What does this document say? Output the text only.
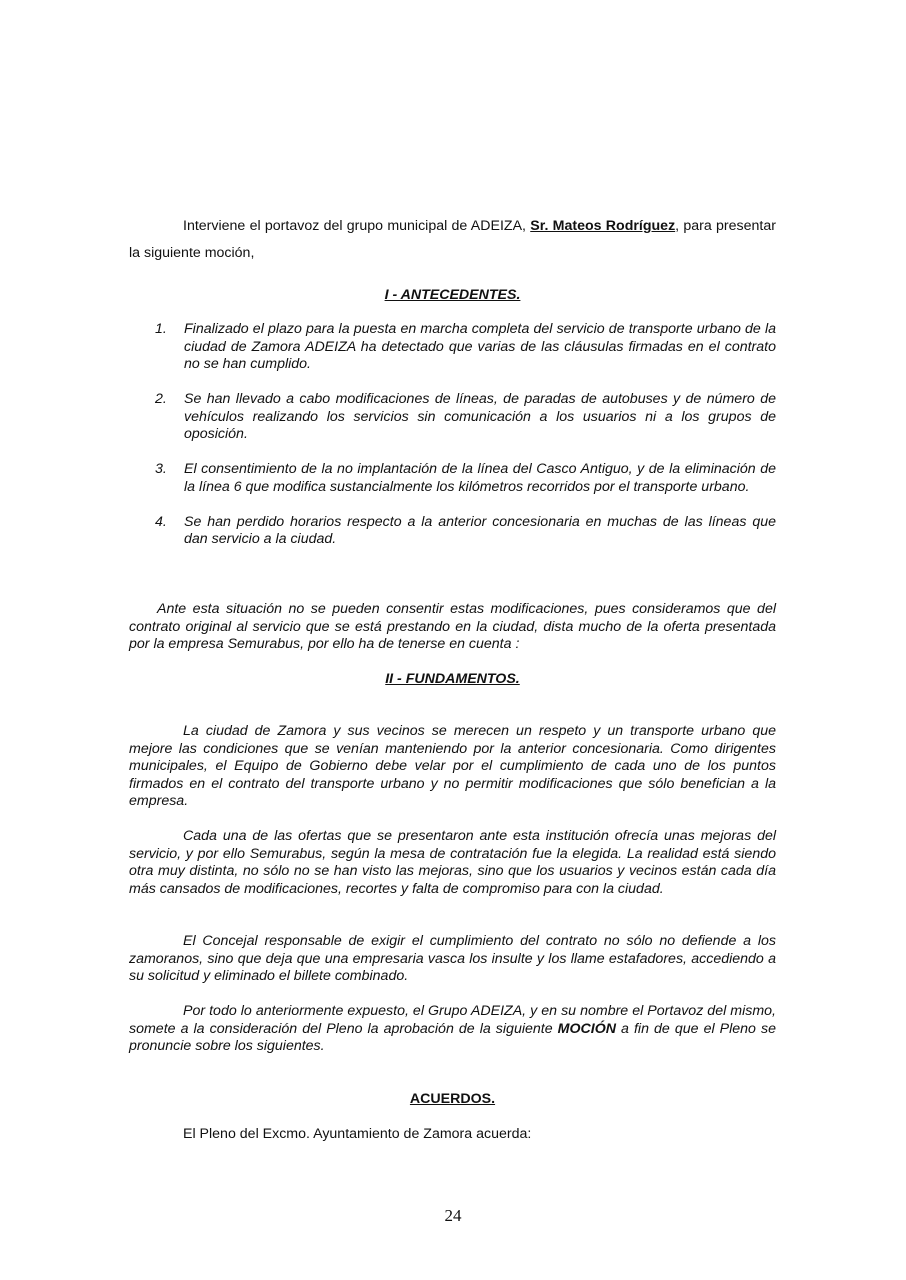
Interviene el portavoz del grupo municipal de ADEIZA, Sr. Mateos Rodríguez, para presentar la siguiente moción,

I - ANTECEDENTES.
1. Finalizado el plazo para la puesta en marcha completa del servicio de transporte urbano de la ciudad de Zamora ADEIZA ha detectado que varias de las cláusulas firmadas en el contrato no se han cumplido.
2. Se han llevado a cabo modificaciones de líneas, de paradas de autobuses y de número de vehículos realizando los servicios sin comunicación a los usuarios ni a los grupos de oposición.
3. El consentimiento de la no implantación de la línea del Casco Antiguo, y de la eliminación de la línea 6 que modifica sustancialmente los kilómetros recorridos por el transporte urbano.
4. Se han perdido horarios respecto a la anterior concesionaria en muchas de las líneas que dan servicio a la ciudad.

Ante esta situación no se pueden consentir estas modificaciones, pues consideramos que del contrato original al servicio que se está prestando en la ciudad, dista mucho de la oferta presentada por la empresa Semurabus, por ello ha de tenerse en cuenta :

II - FUNDAMENTOS.

La ciudad de Zamora y sus vecinos se merecen un respeto y un transporte urbano que mejore las condiciones que se venían manteniendo por la anterior concesionaria. Como dirigentes municipales, el Equipo de Gobierno debe velar por el cumplimiento de cada uno de los puntos firmados en el contrato del transporte urbano y no permitir modificaciones que sólo benefician a la empresa.

Cada una de las ofertas que se presentaron ante esta institución ofrecía unas mejoras del servicio, y por ello Semurabus, según la mesa de contratación fue la elegida. La realidad está siendo otra muy distinta, no sólo no se han visto las mejoras, sino que los usuarios y vecinos están cada día más cansados de modificaciones, recortes y falta de compromiso para con la ciudad.

El Concejal responsable de exigir el cumplimiento del contrato no sólo no defiende a los zamoranos, sino que deja que una empresaria vasca los insulte y los llame estafadores, accediendo a su solicitud y eliminado el billete combinado.

Por todo lo anteriormente expuesto, el Grupo ADEIZA, y en su nombre el Portavoz del mismo, somete a la consideración del Pleno la aprobación de la siguiente MOCIÓN a fin de que el Pleno se pronuncie sobre los siguientes.

ACUERDOS.
El Pleno del Excmo. Ayuntamiento de Zamora acuerda:
24
